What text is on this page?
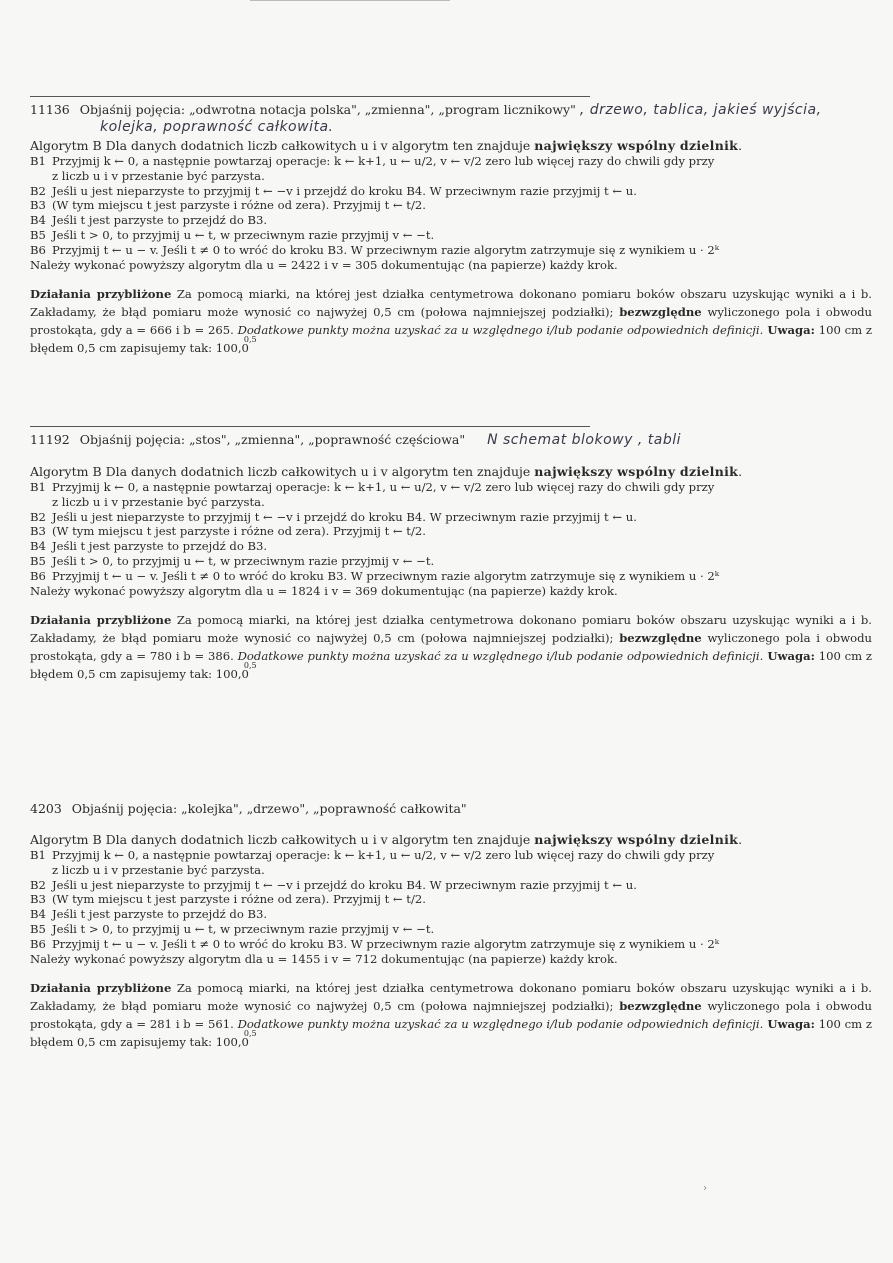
11136 Objaśnij pojęcia: „odwrotna notacja polska", „zmienna", „program licznikowy" , drzewo, tablica, jakieś wyjścia,
kolejka, poprawność całkowita.

Algorytm B Dla danych dodatnich liczb całkowitych u i v algorytm ten znajduje największy wspólny dzielnik.

B1 Przyjmij k ← 0, a następnie powtarzaj operacje: k ← k+1, u ← u/2, v ← v/2 zero lub więcej razy do chwili gdy przy

z liczb u i v przestanie być parzysta.

B2 Jeśli u jest nieparzyste to przyjmij t ← −v i przejdź do kroku B4. W przeciwnym razie przyjmij t ← u.

B3 (W tym miejscu t jest parzyste i różne od zera). Przyjmij t ← t/2.

B4 Jeśli t jest parzyste to przejdź do B3.

B5 Jeśli t > 0, to przyjmij u ← t, w przeciwnym razie przyjmij v ← −t.

B6 Przyjmij t ← u − v. Jeśli t ≠ 0 to wróć do kroku B3. W przeciwnym razie algorytm zatrzymuje się z wynikiem u · 2ᵏ

Należy wykonać powyższy algorytm dla u = 2422 i v = 305 dokumentując (na papierze) każdy krok.

Działania przybliżone Za pomocą miarki, na której jest działka centymetrowa dokonano pomiaru boków obszaru uzyskując wyniki a i b. Zakładamy, że błąd pomiaru może wynosić co najwyżej 0,5 cm (połowa najmniejszej podziałki); bezwzględne wyliczonego pola i obwodu prostokąta, gdy a = 666 i b = 265. Dodatkowe punkty można uzyskać za u względnego i/lub podanie odpowiednich definicji. Uwaga: 100 cm z błędem 0,5 cm zapisujemy tak: 100
0,5
,0

11192 Objaśnij pojęcia: „stos", „zmienna", „poprawność częściowa" N schemat blokowy , tabli

Algorytm B Dla danych dodatnich liczb całkowitych u i v algorytm ten znajduje największy wspólny dzielnik.

B1 Przyjmij k ← 0, a następnie powtarzaj operacje: k ← k+1, u ← u/2, v ← v/2 zero lub więcej razy do chwili gdy przy

z liczb u i v przestanie być parzysta.

B2 Jeśli u jest nieparzyste to przyjmij t ← −v i przejdź do kroku B4. W przeciwnym razie przyjmij t ← u.

B3 (W tym miejscu t jest parzyste i różne od zera). Przyjmij t ← t/2.

B4 Jeśli t jest parzyste to przejdź do B3.

B5 Jeśli t > 0, to przyjmij u ← t, w przeciwnym razie przyjmij v ← −t.

B6 Przyjmij t ← u − v. Jeśli t ≠ 0 to wróć do kroku B3. W przeciwnym razie algorytm zatrzymuje się z wynikiem u · 2ᵏ

Należy wykonać powyższy algorytm dla u = 1824 i v = 369 dokumentując (na papierze) każdy krok.

Działania przybliżone Za pomocą miarki, na której jest działka centymetrowa dokonano pomiaru boków obszaru uzyskując wyniki a i b. Zakładamy, że błąd pomiaru może wynosić co najwyżej 0,5 cm (połowa najmniejszej podziałki); bezwzględne wyliczonego pola i obwodu prostokąta, gdy a = 780 i b = 386. Dodatkowe punkty można uzyskać za u względnego i/lub podanie odpowiednich definicji. Uwaga: 100 cm z błędem 0,5 cm zapisujemy tak: 100
0,5
,0

4203 Objaśnij pojęcia: „kolejka", „drzewo", „poprawność całkowita"

Algorytm B Dla danych dodatnich liczb całkowitych u i v algorytm ten znajduje największy wspólny dzielnik.

B1 Przyjmij k ← 0, a następnie powtarzaj operacje: k ← k+1, u ← u/2, v ← v/2 zero lub więcej razy do chwili gdy przy

z liczb u i v przestanie być parzysta.

B2 Jeśli u jest nieparzyste to przyjmij t ← −v i przejdź do kroku B4. W przeciwnym razie przyjmij t ← u.

B3 (W tym miejscu t jest parzyste i różne od zera). Przyjmij t ← t/2.

B4 Jeśli t jest parzyste to przejdź do B3.

B5 Jeśli t > 0, to przyjmij u ← t, w przeciwnym razie przyjmij v ← −t.

B6 Przyjmij t ← u − v. Jeśli t ≠ 0 to wróć do kroku B3. W przeciwnym razie algorytm zatrzymuje się z wynikiem u · 2ᵏ

Należy wykonać powyższy algorytm dla u = 1455 i v = 712 dokumentując (na papierze) każdy krok.

Działania przybliżone Za pomocą miarki, na której jest działka centymetrowa dokonano pomiaru boków obszaru uzyskując wyniki a i b. Zakładamy, że błąd pomiaru może wynosić co najwyżej 0,5 cm (połowa najmniejszej podziałki); bezwzględne wyliczonego pola i obwodu prostokąta, gdy a = 281 i b = 561. Dodatkowe punkty można uzyskać za u względnego i/lub podanie odpowiednich definicji. Uwaga: 100 cm z błędem 0,5 cm zapisujemy tak: 100
0,5
,0

›
